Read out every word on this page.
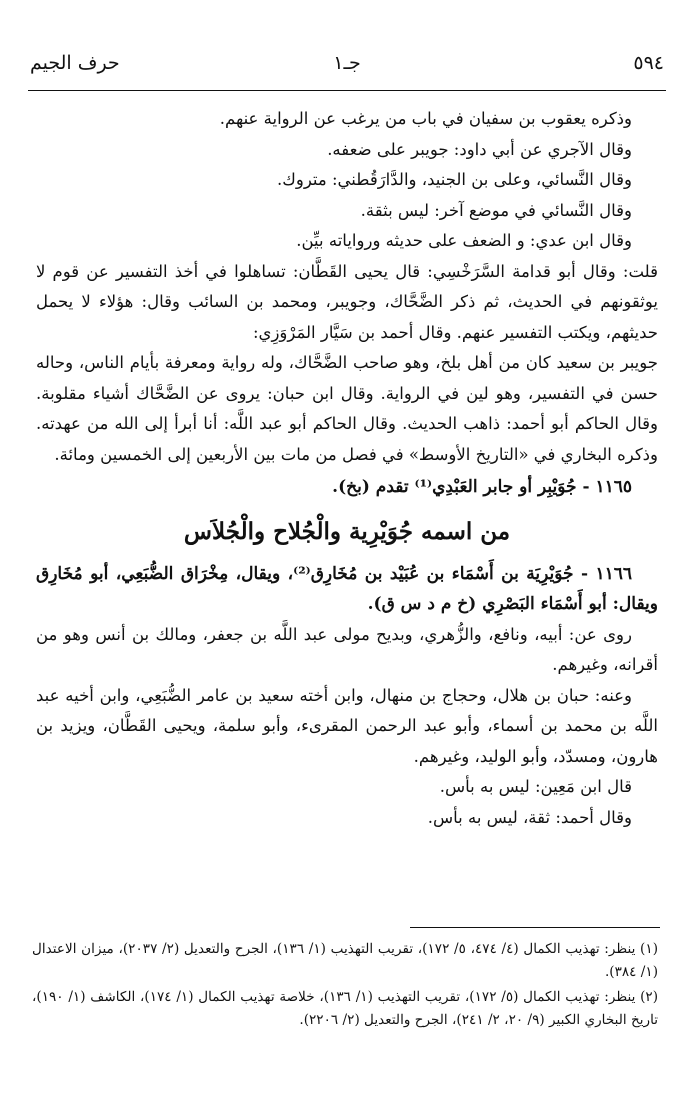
٥٩٤
جـ١
حرف الجيم

وذكره يعقوب بن سفيان في باب من يرغب عن الرواية عنهم.

وقال الآجري عن أبي داود: جويبر على ضعفه.

وقال النَّسائي، وعلى بن الجنيد، والدَّارَقُطني: متروك.

وقال النَّسائي في موضع آخر: ليس بثقة.

وقال ابن عدي: و الضعف على حديثه ورواياته بيِّن.

قلت: وقال أبو قدامة السَّرَخْسِي: قال يحيى القَطَّان: تساهلوا في أخذ التفسير عن قوم لا يوثقونهم في الحديث، ثم ذكر الضَّحَّاك، وجويبر، ومحمد بن السائب وقال: هؤلاء لا يحمل حديثهم، ويكتب التفسير عنهم. وقال أحمد بن سَيَّار المَرْوَزِي:

جويبر بن سعيد كان من أهل بلخ، وهو صاحب الضَّحَّاك، وله رواية ومعرفة بأيام الناس، وحاله حسن في التفسير، وهو لين في الرواية. وقال ابن حبان: يروى عن الضَّحَّاك أشياء مقلوبة. وقال الحاكم أبو أحمد: ذاهب الحديث. وقال الحاكم أبو عبد اللَّه: أنا أبرأ إلى الله من عهدته. وذكره البخاري في «التاريخ الأوسط» في فصل من مات بين الأربعين إلى الخمسين ومائة.

١١٦٥ - جُوَيْبِر أو جابر العَبْدِي⁽¹⁾ تقدم (بخ).

من اسمه جُوَيْرِية والْجُلاح والْجُلاَس

١١٦٦ - جُوَيْرِيَة بن أَسْمَاء بن عُبَيْد بن مُخَارِق⁽²⁾، ويقال، مِخْرَاق الضُّبَعِي، أبو مُخَارِق ويقال: أبو أَسْمَاء البَصْرِي (خ م د س ق).

روى عن: أبيه، ونافع، والزُّهري، وبديح مولى عبد اللَّه بن جعفر، ومالك بن أنس وهو من أقرانه، وغيرهم.

وعنه: حبان بن هلال، وحجاج بن منهال، وابن أخته سعيد بن عامر الضُّبَعِي، وابن أخيه عبد اللَّه بن محمد بن أسماء، وأبو عبد الرحمن المقرىء، وأبو سلمة، ويحيى القَطَّان، ويزيد بن هارون، ومسدّد، وأبو الوليد، وغيرهم.

قال ابن مَعِين: ليس به بأس.

وقال أحمد: ثقة، ليس به بأس.

(١) ينظر: تهذيب الكمال (٤/ ٤٧٤، ٥/ ١٧٢)، تقريب التهذيب (١/ ١٣٦)، الجرح والتعديل (٢/ ٢٠٣٧)، ميزان الاعتدال (١/ ٣٨٤).

(٢) ينظر: تهذيب الكمال (٥/ ١٧٢)، تقريب التهذيب (١/ ١٣٦)، خلاصة تهذيب الكمال (١/ ١٧٤)، الكاشف (١/ ١٩٠)، تاريخ البخاري الكبير (٩/ ٢٠، ٢/ ٢٤١)، الجرح والتعديل (٢/ ٢٢٠٦).
